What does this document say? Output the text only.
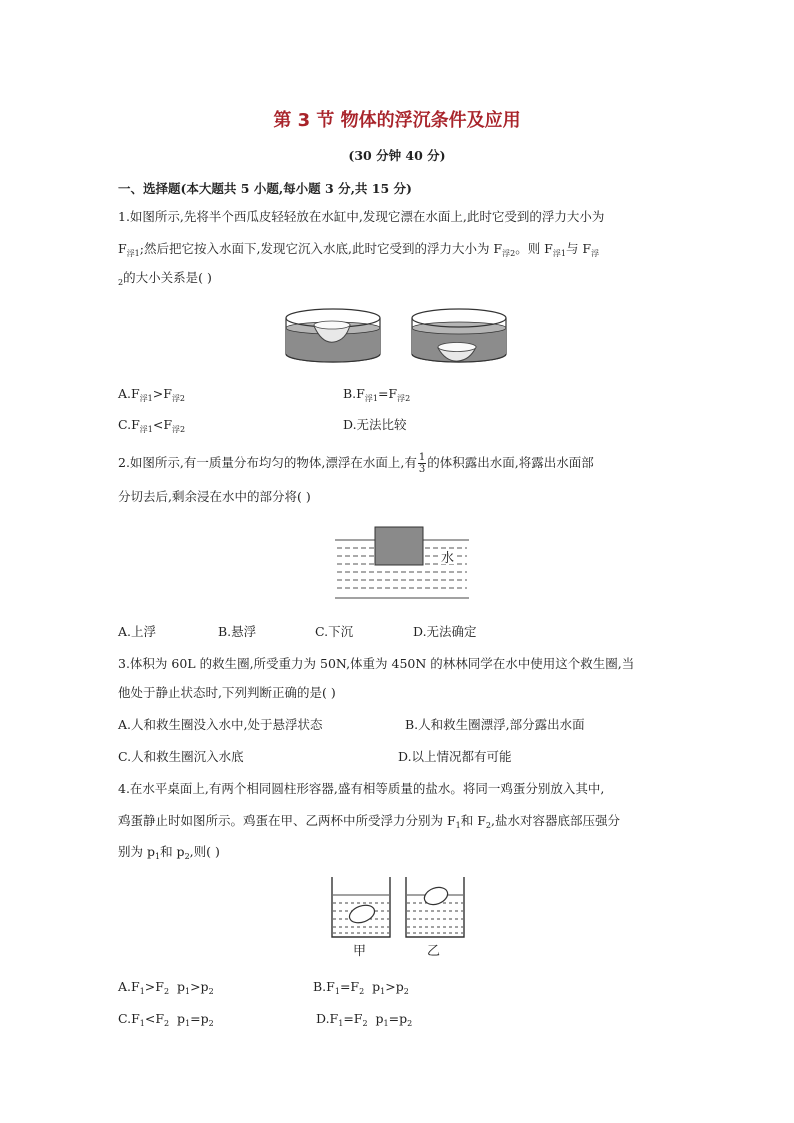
第 3 节 物体的浮沉条件及应用
(30 分钟 40 分)
一、选择题(本大题共 5 小题,每小题 3 分,共 15 分)
1.如图所示,先将半个西瓜皮轻轻放在水缸中,发现它漂在水面上,此时它受到的浮力大小为
$F_{浮1}$;然后把它按入水面下,发现它沉入水底,此时它受到的浮力大小为 $F_{浮2}$。则 $F_{浮1}$与 $F_浮$
$_2$的大小关系是( )
$A.F_{浮1}>F_{浮2}$	$B.F_{浮1}=F_{浮2}$
$C.F_{浮1}<F_{浮2}$	D.无法比较
2.如图所示,有一质量分布均匀的物体,漂浮在水面上,有 $\frac{1}{3}$ 的体积露出水面,将露出水面部
分切去后,剩余浸在水中的部分将( )
水
A.上浮	B.悬浮	C.下沉	D.无法确定
3.体积为 60L 的救生圈,所受重力为 50N,体重为 450N 的林林同学在水中使用这个救生圈,当
他处于静止状态时,下列判断正确的是( )
A.人和救生圈没入水中,处于悬浮状态	B.人和救生圈漂浮,部分露出水面
C.人和救生圈沉入水底	D.以上情况都有可能
4.在水平桌面上,有两个相同圆柱形容器,盛有相等质量的盐水。将同一鸡蛋分别放入其中,
鸡蛋静止时如图所示。鸡蛋在甲、乙两杯中所受浮力分别为 $F_1$和 $F_2$,盐水对容器底部压强分
别为 $p_1$和 $p_2$,则( )
甲	乙
$A.F_1>F_2$  $p_1>p_2$	$B.F_1=F_2$  $p_1>p_2$
$C.F_1<F_2$  $p_1=p_2$	$D.F_1=F_2$  $p_1=p_2$
